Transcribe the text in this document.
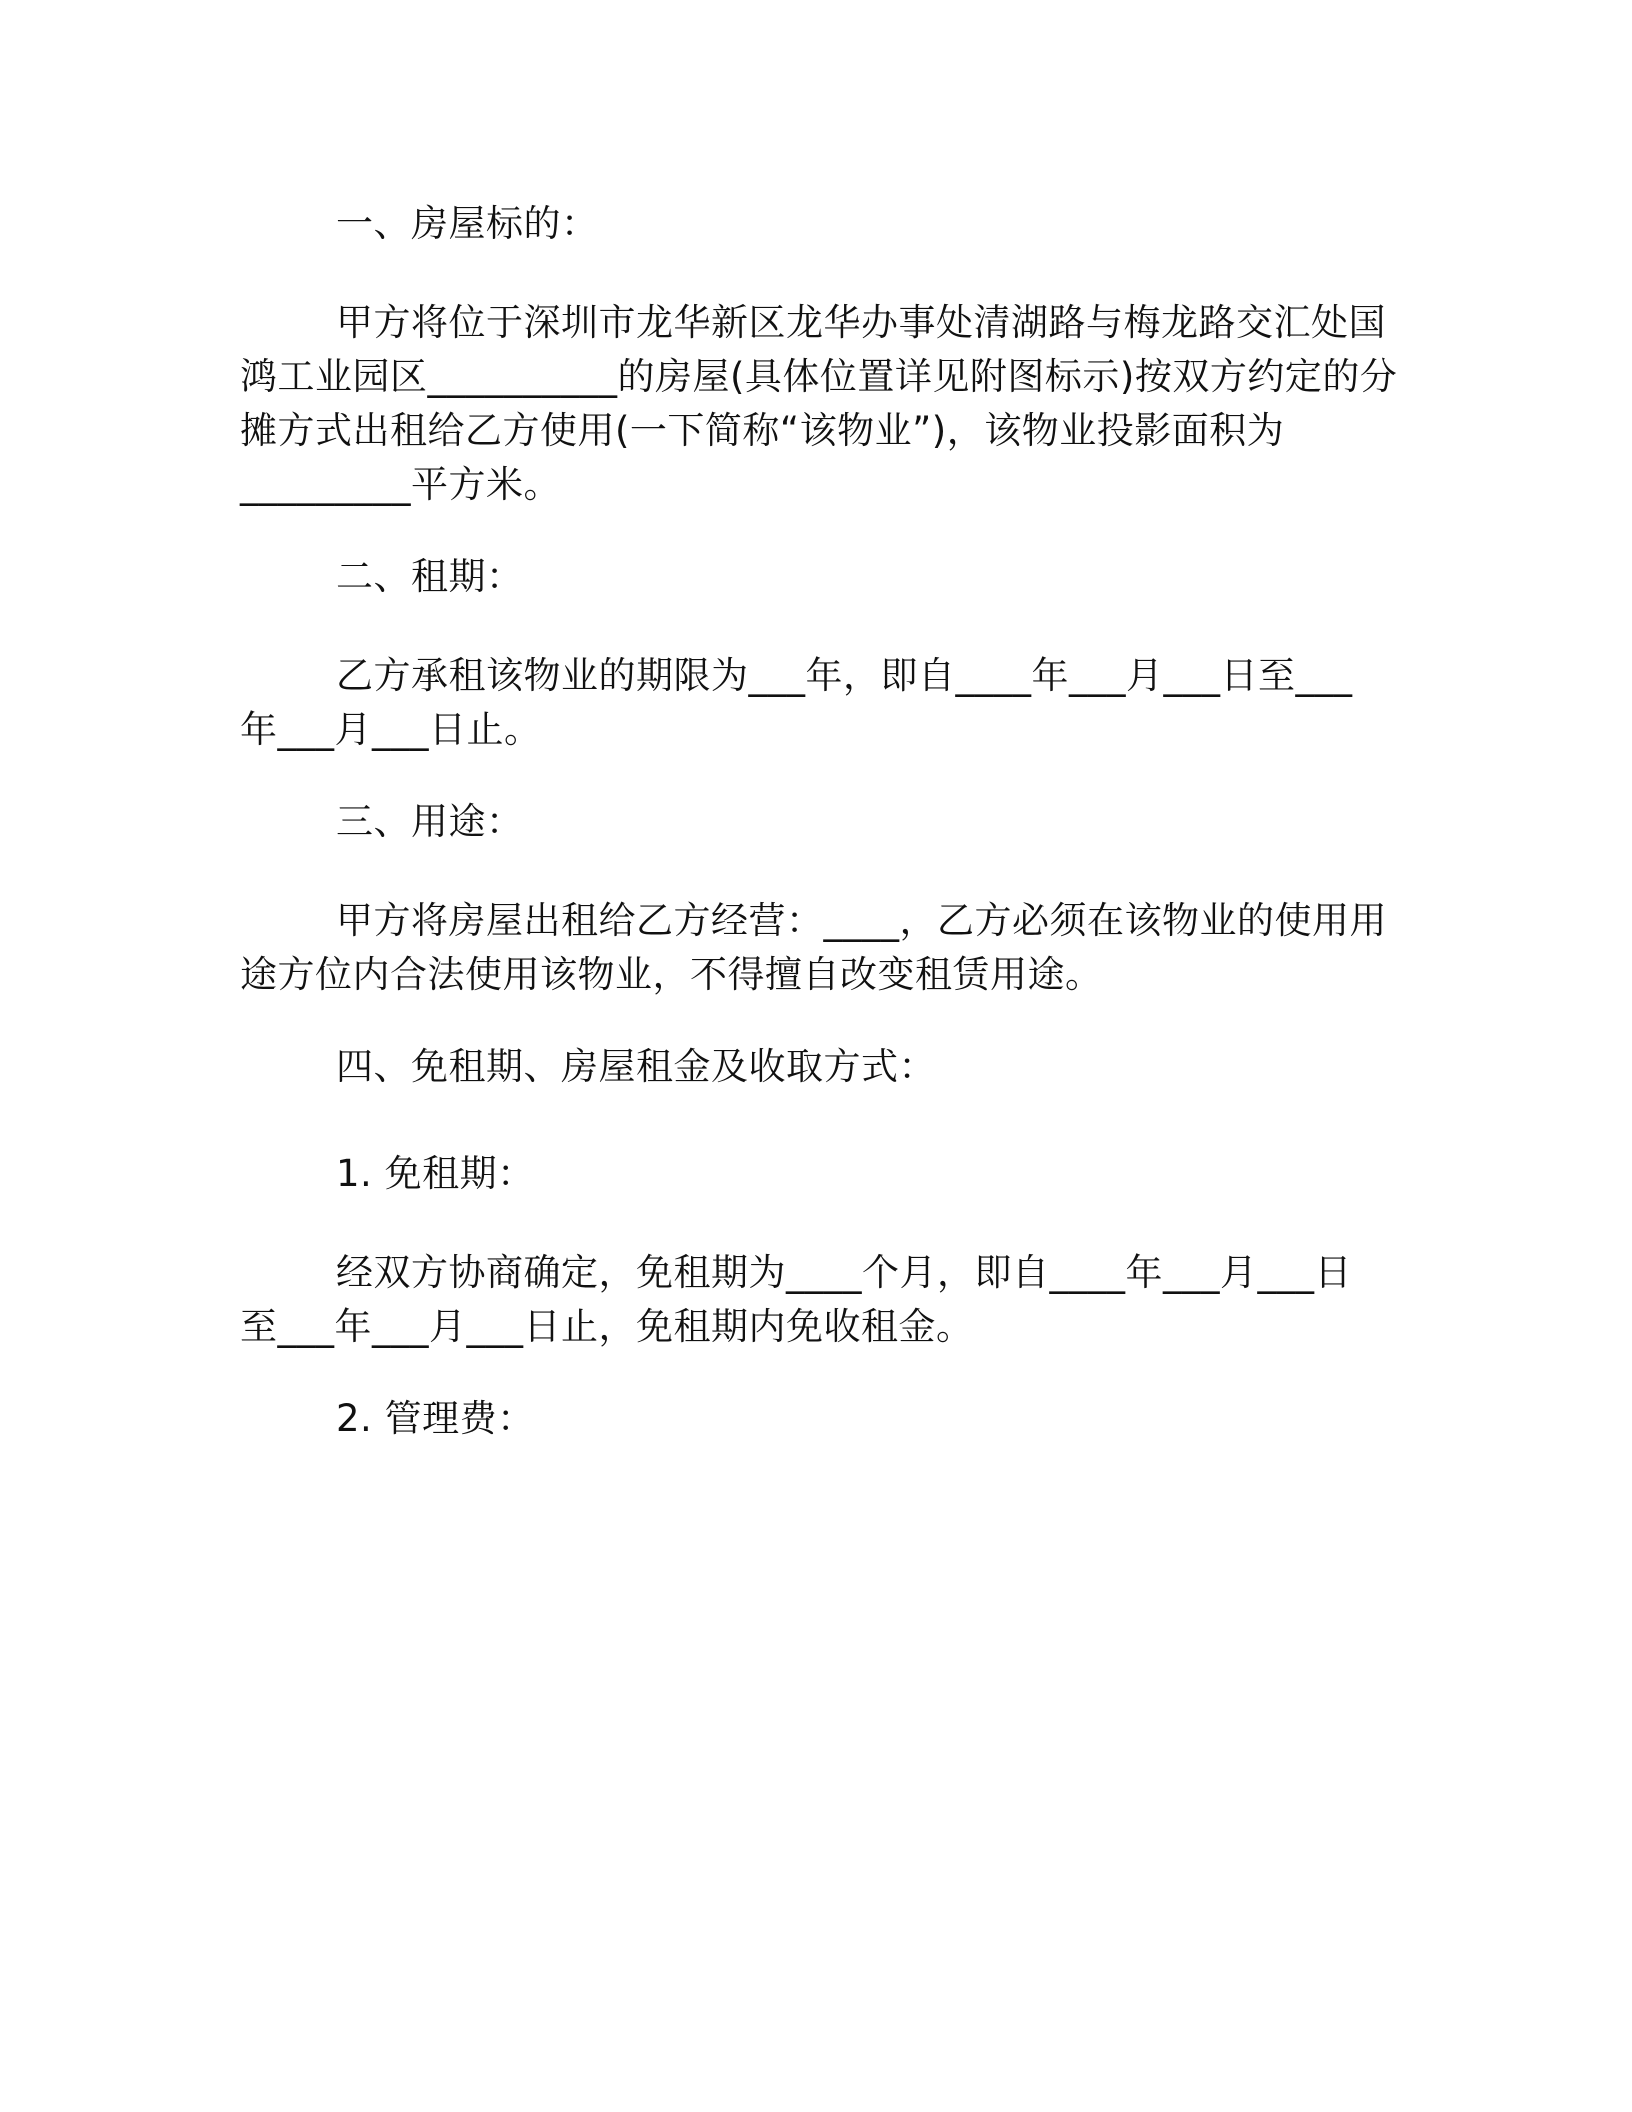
一、房屋标的：

甲方将位于深圳市龙华新区龙华办事处清湖路与梅龙路交汇处国
鸿工业园区__________的房屋(具体位置详见附图标示)按双方约定的分
摊方式出租给乙方使用(一下简称“该物业”)，该物业投影面积为
_________平方米。

二、租期：

乙方承租该物业的期限为___年，即自____年___月___日至___
年___月___日止。

三、用途：

甲方将房屋出租给乙方经营：____，乙方必须在该物业的使用用
途方位内合法使用该物业，不得擅自改变租赁用途。

四、免租期、房屋租金及收取方式：

1. 免租期：

经双方协商确定，免租期为____个月，即自____年___月___日
至___年___月___日止，免租期内免收租金。

2. 管理费：
